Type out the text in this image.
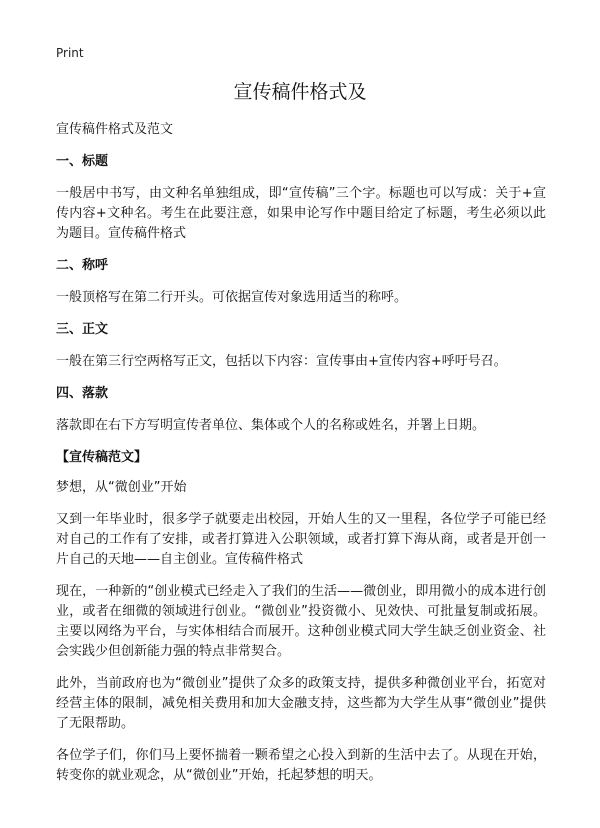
Print
宣传稿件格式及

宣传稿件格式及范文

一、标题

一般居中书写，由文种名单独组成，即“宣传稿”三个字。标题也可以写成：关于+宣传内容+文种名。考生在此要注意，如果申论写作中题目给定了标题，考生必须以此为题目。宣传稿件格式

二、称呼

一般顶格写在第二行开头。可依据宣传对象选用适当的称呼。

三、正文

一般在第三行空两格写正文，包括以下内容：宣传事由+宣传内容+呼吁号召。

四、落款

落款即在右下方写明宣传者单位、集体或个人的名称或姓名，并署上日期。

【宣传稿范文】

梦想，从“微创业”开始

又到一年毕业时，很多学子就要走出校园，开始人生的又一里程，各位学子可能已经对自己的工作有了安排，或者打算进入公职领域，或者打算下海从商，或者是开创一片自己的天地——自主创业。宣传稿件格式

现在，一种新的“创业模式已经走入了我们的生活——微创业，即用微小的成本进行创业，或者在细微的领域进行创业。“微创业”投资微小、见效快、可批量复制或拓展。主要以网络为平台，与实体相结合而展开。这种创业模式同大学生缺乏创业资金、社会实践少但创新能力强的特点非常契合。

此外，当前政府也为“微创业”提供了众多的政策支持，提供多种微创业平台，拓宽对经营主体的限制，减免相关费用和加大金融支持，这些都为大学生从事“微创业”提供了无限帮助。

各位学子们，你们马上要怀揣着一颗希望之心投入到新的生活中去了。从现在开始，转变你的就业观念，从“微创业”开始，托起梦想的明天。
